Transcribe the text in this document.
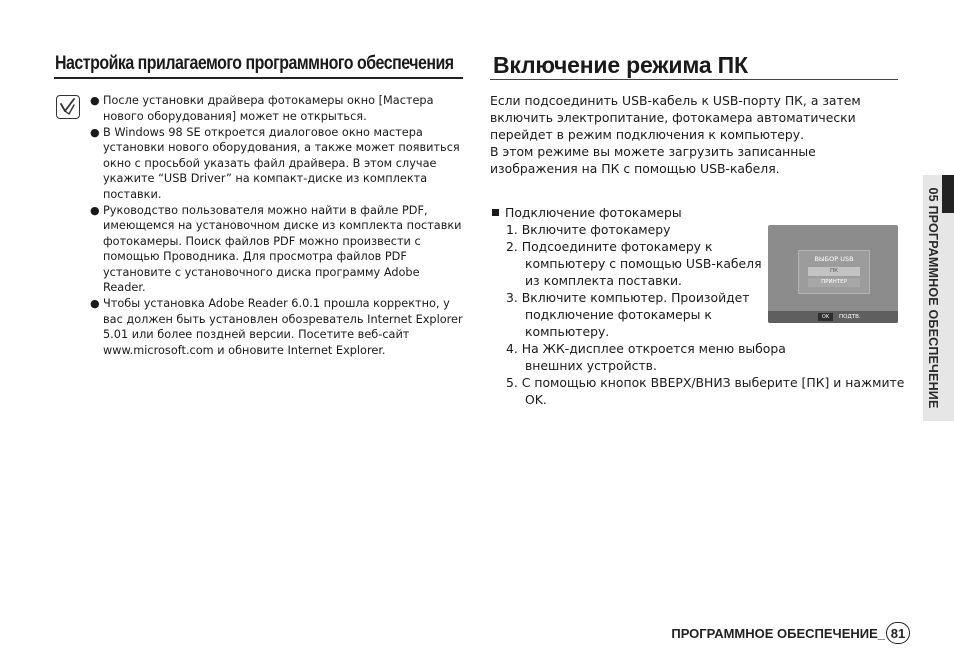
Настройка прилагаемого программного обеспечения
● После установки драйвера фотокамеры окно [Мастера нового оборудования] может не открыться.
● В Windows 98 SE откроется диалоговое окно мастера установки нового оборудования, а также может появиться окно с просьбой указать файл драйвера. В этом случае укажите “USB Driver” на компакт-диске из комплекта поставки.
● Руководство пользователя можно найти в файле PDF, имеющемся на установочном диске из комплекта поставки фотокамеры. Поиск файлов PDF можно произвести с помощью Проводника. Для просмотра файлов PDF установите с установочного диска программу Adobe Reader.
● Чтобы установка Adobe Reader 6.0.1 прошла корректно, у вас должен быть установлен обозреватель Internet Explorer 5.01 или более поздней версии. Посетите веб-сайт www.microsoft.com и обновите Internet Explorer.
Включение режима ПК

Если подсоединить USB-кабель к USB-порту ПК, а затем включить электропитание, фотокамера автоматически перейдет в режим подключения к компьютеру.

В этом режиме вы можете загрузить записанные изображения на ПК с помощью USB-кабеля.

Подключение фотокамеры
1. Включите фотокамеру
2. Подсоедините фотокамеру к компьютеру с помощью USB-кабеля из комплекта поставки.
3. Включите компьютер. Произойдет подключение фотокамеры к компьютеру.
4. На ЖК-дисплее откроется меню выбора внешних устройств.
5. С помощью кнопок ВВЕРХ/ВНИЗ выберите [ПК] и нажмите OK.
ВЫБОР USB
ПК
ПРИНТЕР
OK	ПОДТВ.	05 ПРОГРАММНОЕ ОБЕСПЕЧЕНИЕ
ПРОГРАММНОЕ ОБЕСПЕЧЕНИЕ_ 81
